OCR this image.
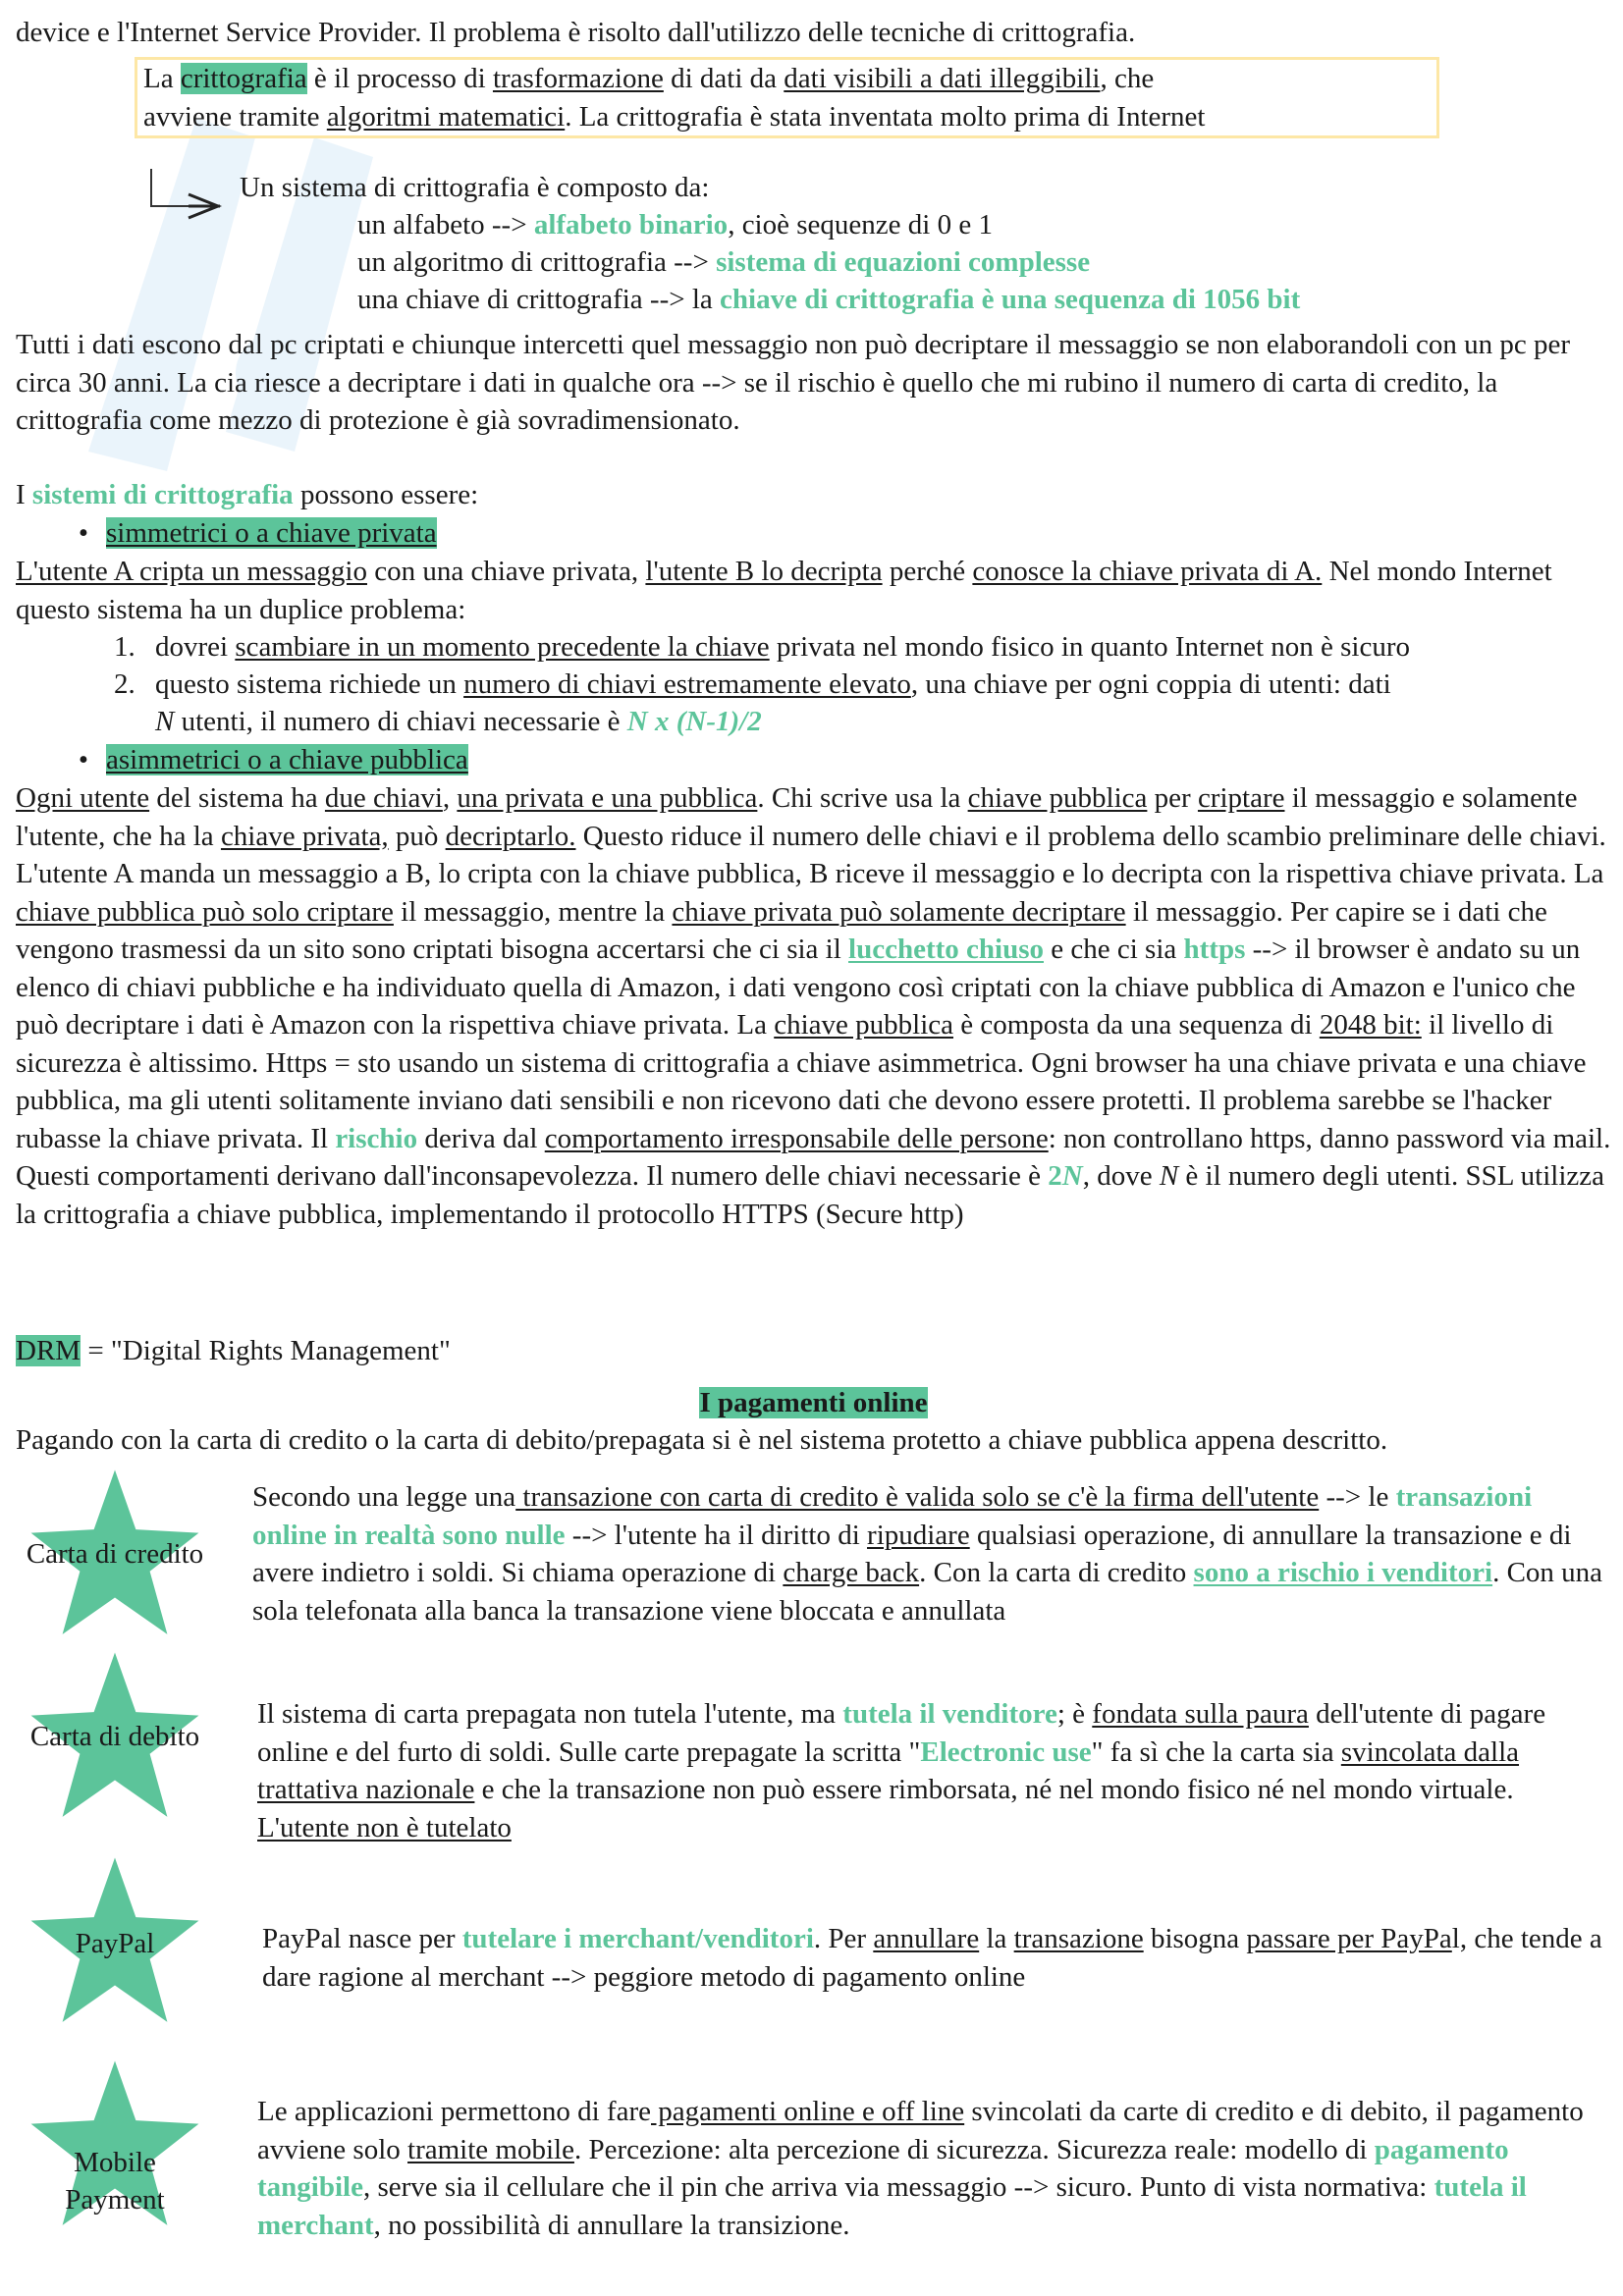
device e l'Internet Service Provider. Il problema è risolto dall'utilizzo delle tecniche di crittografia.

La crittografia è il processo di trasformazione di dati da dati visibili a dati illeggibili, che

avviene tramite algoritmi matematici. La crittografia è stata inventata molto prima di Internet

Un sistema di crittografia è composto da:

un alfabeto --> alfabeto binario, cioè sequenze di 0 e 1

un algoritmo di crittografia --> sistema di equazioni complesse

una chiave di crittografia --> la chiave di crittografia è una sequenza di 1056 bit

Tutti i dati escono dal pc criptati e chiunque intercetti quel messaggio non può decriptare il messaggio se non elaborandoli con un pc per circa 30 anni. La cia riesce a decriptare i dati in qualche ora --> se il rischio è quello che mi rubino il numero di carta di credito, la crittografia come mezzo di protezione è già sovradimensionato.

I sistemi di crittografia possono essere:

• simmetrici o a chiave privata

L'utente A cripta un messaggio con una chiave privata, l'utente B lo decripta perché conosce la chiave privata di A. Nel mondo Internet questo sistema ha un duplice problema:

1. dovrei scambiare in un momento precedente la chiave privata nel mondo fisico in quanto Internet non è sicuro

2. questo sistema richiede un numero di chiavi estremamente elevato, una chiave per ogni coppia di utenti: dati

N utenti, il numero di chiavi necessarie è N x (N-1)/2

• asimmetrici o a chiave pubblica

Ogni utente del sistema ha due chiavi, una privata e una pubblica. Chi scrive usa la chiave pubblica per criptare il messaggio e solamente l'utente, che ha la chiave privata, può decriptarlo. Questo riduce il numero delle chiavi e il problema dello scambio preliminare delle chiavi. L'utente A manda un messaggio a B, lo cripta con la chiave pubblica, B riceve il messaggio e lo decripta con la rispettiva chiave privata. La chiave pubblica può solo criptare il messaggio, mentre la chiave privata può solamente decriptare il messaggio. Per capire se i dati che vengono trasmessi da un sito sono criptati bisogna accertarsi che ci sia il lucchetto chiuso e che ci sia https --> il browser è andato su un elenco di chiavi pubbliche e ha individuato quella di Amazon, i dati vengono così criptati con la chiave pubblica di Amazon e l'unico che può decriptare i dati è Amazon con la rispettiva chiave privata. La chiave pubblica è composta da una sequenza di 2048 bit: il livello di sicurezza è altissimo. Https = sto usando un sistema di crittografia a chiave asimmetrica. Ogni browser ha una chiave privata e una chiave pubblica, ma gli utenti solitamente inviano dati sensibili e non ricevono dati che devono essere protetti. Il problema sarebbe se l'hacker rubasse la chiave privata. Il rischio deriva dal comportamento irresponsabile delle persone: non controllano https, danno password via mail. Questi comportamenti derivano dall'inconsapevolezza. Il numero delle chiavi necessarie è 2N, dove N è il numero degli utenti. SSL utilizza la crittografia a chiave pubblica, implementando il protocollo HTTPS (Secure http)

DRM = "Digital Rights Management"

I pagamenti online

Pagando con la carta di credito o la carta di debito/prepagata si è nel sistema protetto a chiave pubblica appena descritto.

Carta di credito

Secondo una legge una transazione con carta di credito è valida solo se c'è la firma dell'utente --> le transazioni online in realtà sono nulle --> l'utente ha il diritto di ripudiare qualsiasi operazione, di annullare la transazione e di avere indietro i soldi. Si chiama operazione di charge back. Con la carta di credito sono a rischio i venditori. Con una sola telefonata alla banca la transazione viene bloccata e annullata

Carta di debito

Il sistema di carta prepagata non tutela l'utente, ma tutela il venditore; è fondata sulla paura dell'utente di pagare online e del furto di soldi. Sulle carte prepagate la scritta "Electronic use" fa sì che la carta sia svincolata dalla trattativa nazionale e che la transazione non può essere rimborsata, né nel mondo fisico né nel mondo virtuale. L'utente non è tutelato

PayPal	PayPal nasce per tutelare i merchant/venditori. Per annullare la transazione bisogna passare per PayPal, che tende a dare ragione al merchant --> peggiore metodo di pagamento online

Mobile
Payment

Le applicazioni permettono di fare pagamenti online e off line svincolati da carte di credito e di debito, il pagamento avviene solo tramite mobile. Percezione: alta percezione di sicurezza. Sicurezza reale: modello di pagamento tangibile, serve sia il cellulare che il pin che arriva via messaggio --> sicuro. Punto di vista normativa: tutela il merchant, no possibilità di annullare la transizione.
